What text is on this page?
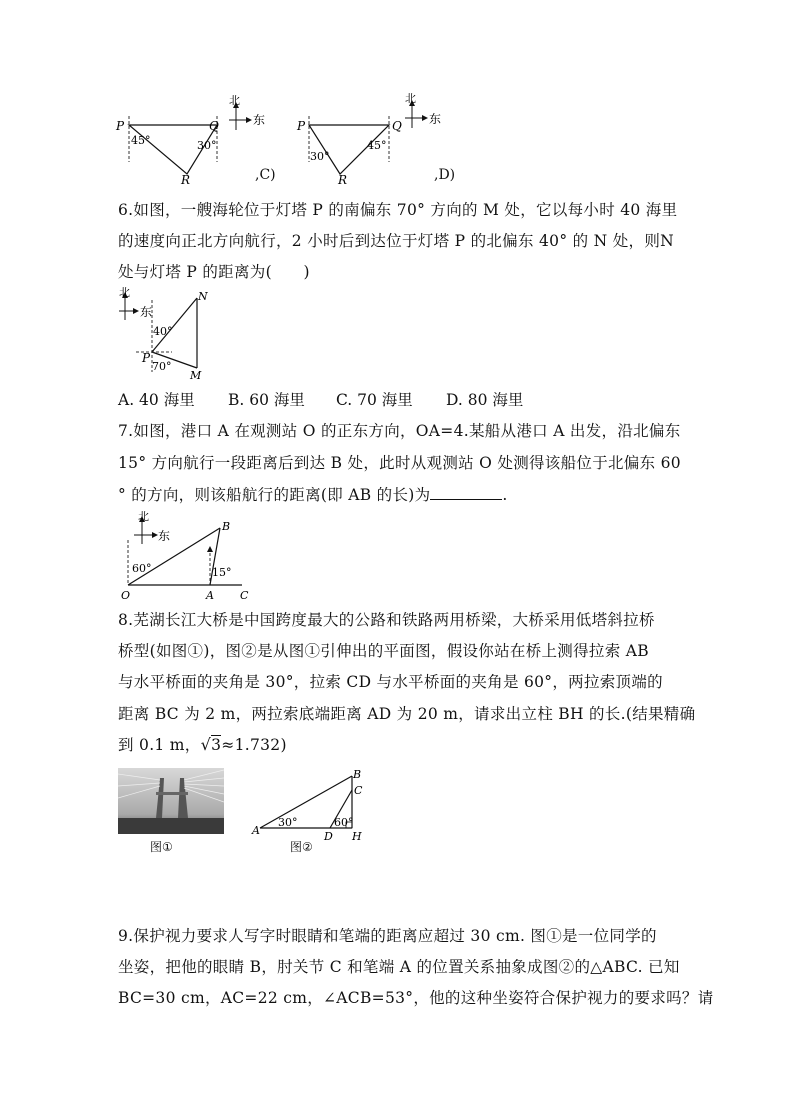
P	Q
R
45°	30°
北
东
,C)
P	Q
R
30°
45°
北
东
,D)
6.如图，一艘海轮位于灯塔 P 的南偏东 70° 方向的 M 处，它以每小时 40 海里
的速度向正北方向航行，2 小时后到达位于灯塔 P 的北偏东 40° 的 N 处，则N
处与灯塔 P 的距离为(　　)
北
东
N
P
M
40°
70°
A. 40 海里 B. 60 海里 C. 70 海里 D. 80 海里
7.如图，港口 A 在观测站 O 的正东方向，OA=4.某船从港口 A 出发，沿北偏东
15° 方向航行一段距离后到达 B 处，此时从观测站 O 处测得该船位于北偏东 60
° 的方向，则该船航行的距离(即 AB 的长)为	.
北
东
B
O	A C
60°	15°
8.芜湖长江大桥是中国跨度最大的公路和铁路两用桥梁，大桥采用低塔斜拉桥
桥型(如图①)，图②是从图①引伸出的平面图，假设你站在桥上测得拉索 AB
与水平桥面的夹角是 30°，拉索 CD 与水平桥面的夹角是 60°，两拉索顶端的
距离 BC 为 2 m，两拉索底端距离 AD 为 20 m，请求出立柱 BH 的长.(结果精确
到 0.1 m，√3≈1.732)
图①
A
B
C
D H
30°	60°
图②
9.保护视力要求人写字时眼睛和笔端的距离应超过 30 cm. 图①是一位同学的
坐姿，把他的眼睛 B，肘关节 C 和笔端 A 的位置关系抽象成图②的△ABC. 已知
BC=30 cm，AC=22 cm，∠ACB=53°，他的这种坐姿符合保护视力的要求吗？请
